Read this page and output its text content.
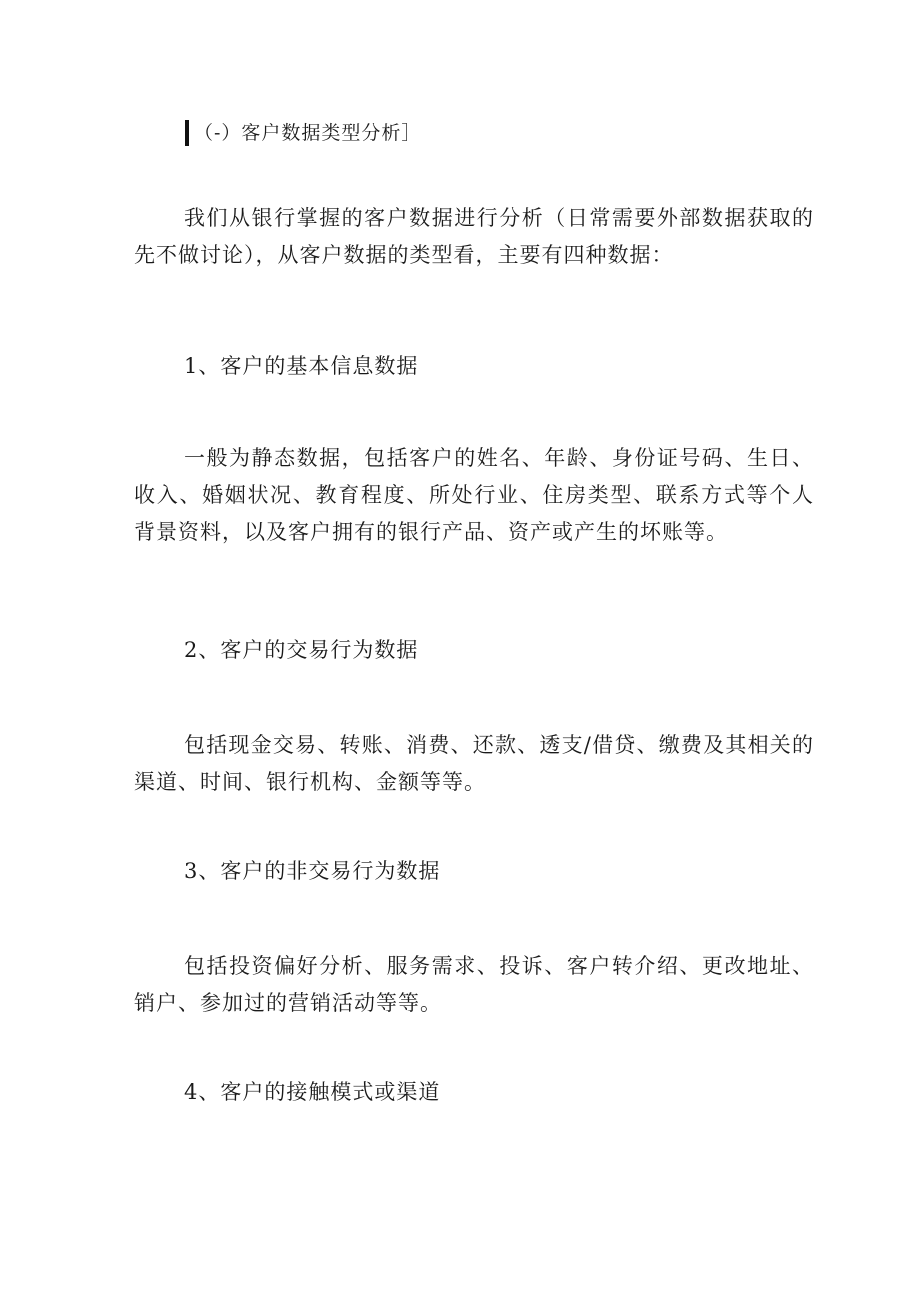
（-）客户数据类型分析］

我们从银行掌握的客户数据进行分析（日常需要外部数据获取的先不做讨论），从客户数据的类型看，主要有四种数据：

1、客户的基本信息数据

一般为静态数据，包括客户的姓名、年龄、身份证号码、生日、收入、婚姻状况、教育程度、所处行业、住房类型、联系方式等个人背景资料，以及客户拥有的银行产品、资产或产生的坏账等。

2、客户的交易行为数据

包括现金交易、转账、消费、还款、透支/借贷、缴费及其相关的渠道、时间、银行机构、金额等等。

3、客户的非交易行为数据

包括投资偏好分析、服务需求、投诉、客户转介绍、更改地址、销户、参加过的营销活动等等。

4、客户的接触模式或渠道
